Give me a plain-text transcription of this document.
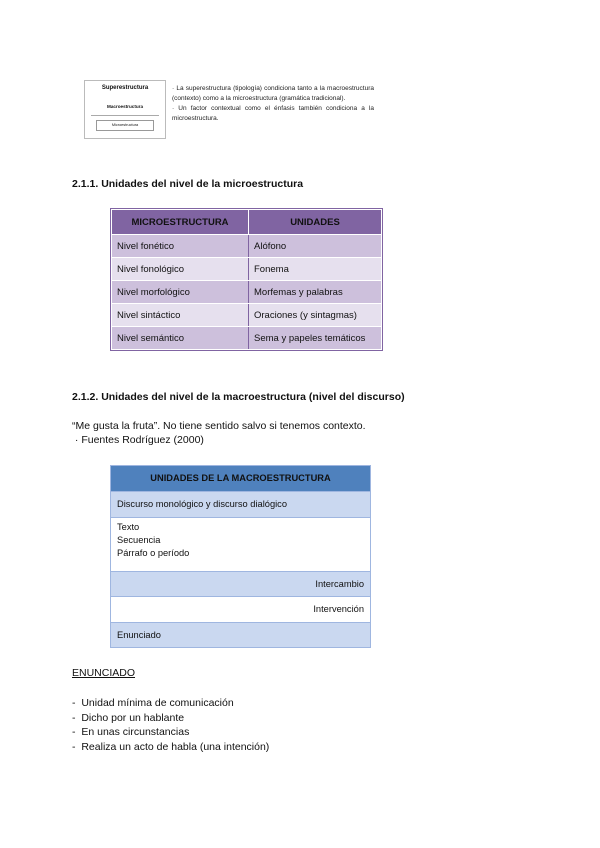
Superestructura
Macroestructura
Microestructura

· La superestructura (tipología) condiciona tanto a la macroestructura (contexto) como a la microestructura (gramática tradicional).

· Un factor contextual como el énfasis también condiciona a la microestructura.

2.1.1. Unidades del nivel de la microestructura
MICROESTRUCTURA	UNIDADES
Nivel fonético	Alófono
Nivel fonológico	Fonema
Nivel morfológico	Morfemas y palabras
Nivel sintáctico	Oraciones (y sintagmas)
Nivel semántico	Sema y papeles temáticos
2.1.2. Unidades del nivel de la macroestructura (nivel del discurso)

“Me gusta la fruta”. No tiene sentido salvo si tenemos contexto.

· Fuentes Rodríguez (2000)

UNIDADES DE LA MACROESTRUCTURA
Discurso monológico y discurso dialógico
Texto
Secuencia
Párrafo o período
Intercambio
Intervención
Enunciado
ENUNCIADO
- Unidad mínima de comunicación
- Dicho por un hablante
- En unas circunstancias
- Realiza un acto de habla (una intención)
